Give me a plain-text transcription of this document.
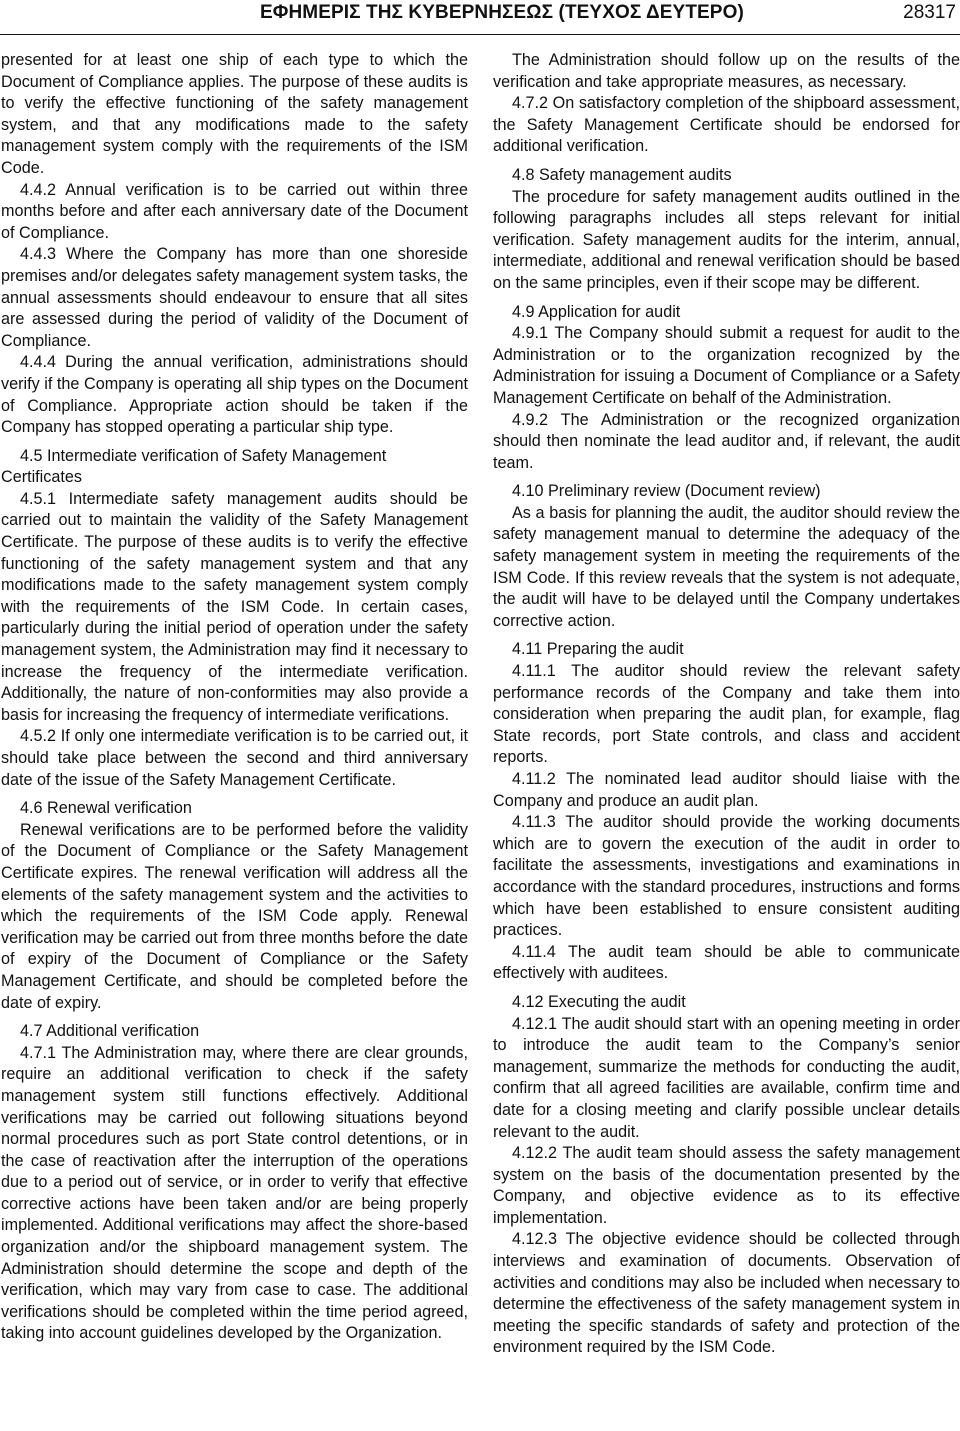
ΕΦΗΜΕΡΙΣ ΤΗΣ ΚΥΒΕΡΝΗΣΕΩΣ (ΤΕΥΧΟΣ ΔΕΥΤΕΡΟ)	28317

presented for at least one ship of each type to which the Document of Compliance applies. The purpose of these audits is to verify the effective functioning of the safety management system, and that any modifications made to the safety management system comply with the requirements of the ISM Code.

4.4.2 Annual verification is to be carried out within three months before and after each anniversary date of the Document of Compliance.

4.4.3 Where the Company has more than one shoreside premises and/or delegates safety management system tasks, the annual assessments should endeavour to ensure that all sites are assessed during the period of validity of the Document of Compliance.

4.4.4 During the annual verification, administrations should verify if the Company is operating all ship types on the Document of Compliance. Appropriate action should be taken if the Company has stopped operating a particular ship type.

4.5 Intermediate verification of Safety Management Certificates

4.5.1 Intermediate safety management audits should be carried out to maintain the validity of the Safety Management Certificate. The purpose of these audits is to verify the effective functioning of the safety management system and that any modifications made to the safety management system comply with the requirements of the ISM Code. In certain cases, particularly during the initial period of operation under the safety management system, the Administration may find it necessary to increase the frequency of the intermediate verification. Additionally, the nature of non-conformities may also provide a basis for increasing the frequency of intermediate verifications.

4.5.2 If only one intermediate verification is to be carried out, it should take place between the second and third anniversary date of the issue of the Safety Management Certificate.

4.6 Renewal verification

Renewal verifications are to be performed before the validity of the Document of Compliance or the Safety Management Certificate expires. The renewal verification will address all the elements of the safety management system and the activities to which the requirements of the ISM Code apply. Renewal verification may be carried out from three months before the date of expiry of the Document of Compliance or the Safety Management Certificate, and should be completed before the date of expiry.

4.7 Additional verification

4.7.1 The Administration may, where there are clear grounds, require an additional verification to check if the safety management system still functions effectively. Additional verifications may be carried out following situations beyond normal procedures such as port State control detentions, or in the case of reactivation after the interruption of the operations due to a period out of service, or in order to verify that effective corrective actions have been taken and/or are being properly implemented. Additional verifications may affect the shore-based organization and/or the shipboard management system. The Administration should determine the scope and depth of the verification, which may vary from case to case. The additional verifications should be completed within the time period agreed, taking into account guidelines developed by the Organization.

The Administration should follow up on the results of the verification and take appropriate measures, as necessary.

4.7.2 On satisfactory completion of the shipboard assessment, the Safety Management Certificate should be endorsed for additional verification.

4.8 Safety management audits

The procedure for safety management audits outlined in the following paragraphs includes all steps relevant for initial verification. Safety management audits for the interim, annual, intermediate, additional and renewal verification should be based on the same principles, even if their scope may be different.

4.9 Application for audit

4.9.1 The Company should submit a request for audit to the Administration or to the organization recognized by the Administration for issuing a Document of Compliance or a Safety Management Certificate on behalf of the Administration.

4.9.2 The Administration or the recognized organization should then nominate the lead auditor and, if relevant, the audit team.

4.10 Preliminary review (Document review)

As a basis for planning the audit, the auditor should review the safety management manual to determine the adequacy of the safety management system in meeting the requirements of the ISM Code. If this review reveals that the system is not adequate, the audit will have to be delayed until the Company undertakes corrective action.

4.11 Preparing the audit

4.11.1 The auditor should review the relevant safety performance records of the Company and take them into consideration when preparing the audit plan, for example, flag State records, port State controls, and class and accident reports.

4.11.2 The nominated lead auditor should liaise with the Company and produce an audit plan.

4.11.3 The auditor should provide the working documents which are to govern the execution of the audit in order to facilitate the assessments, investigations and examinations in accordance with the standard procedures, instructions and forms which have been established to ensure consistent auditing practices.

4.11.4 The audit team should be able to communicate effectively with auditees.

4.12 Executing the audit

4.12.1 The audit should start with an opening meeting in order to introduce the audit team to the Company’s senior management, summarize the methods for conducting the audit, confirm that all agreed facilities are available, confirm time and date for a closing meeting and clarify possible unclear details relevant to the audit.

4.12.2 The audit team should assess the safety management system on the basis of the documentation presented by the Company, and objective evidence as to its effective implementation.

4.12.3 The objective evidence should be collected through interviews and examination of documents. Observation of activities and conditions may also be included when necessary to determine the effectiveness of the safety management system in meeting the specific standards of safety and protection of the environment required by the ISM Code.
